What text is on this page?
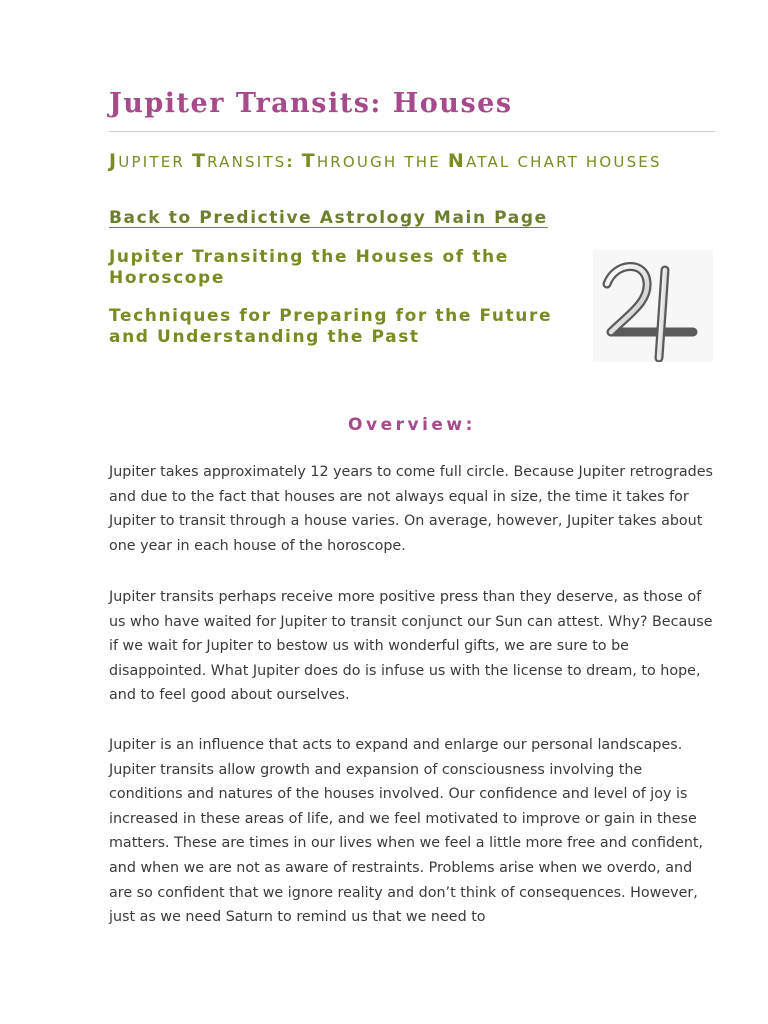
Jupiter Transits: Houses
JUPITER TRANSITS: THROUGH THE NATAL CHART HOUSES
Back to Predictive Astrology Main Page
Jupiter Transiting the Houses of the Horoscope
Techniques for Preparing for the Future and Understanding the Past
Overview:

Jupiter takes approximately 12 years to come full circle. Because Jupiter retrogrades and due to the fact that houses are not always equal in size, the time it takes for Jupiter to transit through a house varies. On average, however, Jupiter takes about one year in each house of the horoscope.

Jupiter transits perhaps receive more positive press than they deserve, as those of us who have waited for Jupiter to transit conjunct our Sun can attest. Why? Because if we wait for Jupiter to bestow us with wonderful gifts, we are sure to be disappointed. What Jupiter does do is infuse us with the license to dream, to hope, and to feel good about ourselves.

Jupiter is an influence that acts to expand and enlarge our personal landscapes. Jupiter transits allow growth and expansion of consciousness involving the conditions and natures of the houses involved. Our confidence and level of joy is increased in these areas of life, and we feel motivated to improve or gain in these matters. These are times in our lives when we feel a little more free and confident, and when we are not as aware of restraints. Problems arise when we overdo, and are so confident that we ignore reality and don’t think of consequences. However, just as we need Saturn to remind us that we need to
